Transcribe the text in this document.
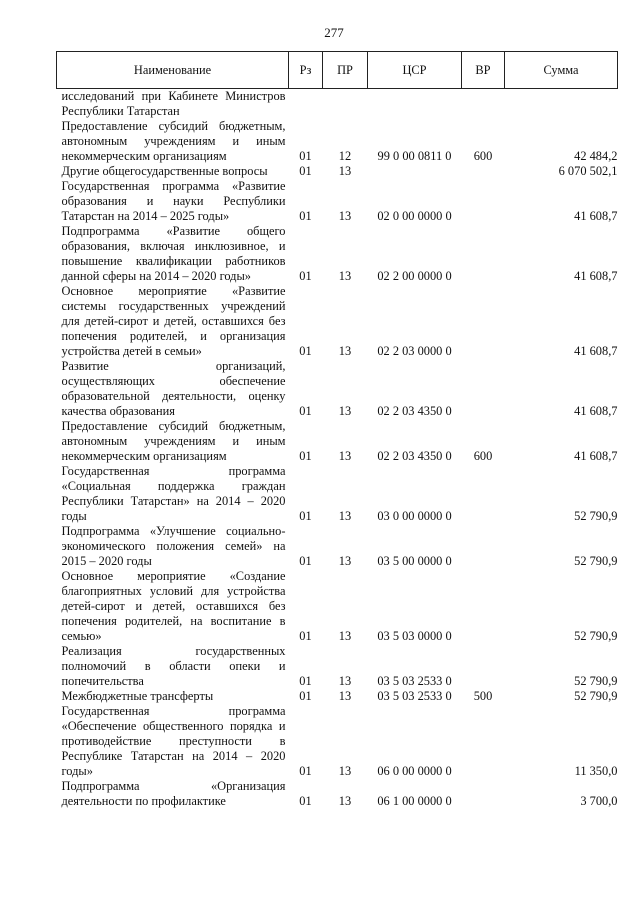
277
Наименование	Рз	ПР	ЦСР	ВР	Сумма

исследований при Кабинете Министров
Республики Татарстан					

Предоставление субсидий бюджетным,
автономным учреждениям и иным
некоммерческим организациям	01	12	99 0 00 0811 0	600	42 484,2

Другие общегосударственные вопросы	01	13			6 070 502,1

Государственная программа «Развитие
образования и науки Республики
Татарстан на 2014 – 2025 годы»	01	13	02 0 00 0000 0		41 608,7

Подпрограмма «Развитие общего
образования, включая инклюзивное, и
повышение квалификации работников
данной сферы на 2014 – 2020 годы»	01	13	02 2 00 0000 0		41 608,7

Основное мероприятие «Развитие
системы государственных учреждений
для детей-сирот и детей, оставшихся без
попечения родителей, и организация
устройства детей в семьи»	01	13	02 2 03 0000 0		41 608,7

Развитие организаций,
осуществляющих обеспечение
образовательной деятельности, оценку
качества образования	01	13	02 2 03 4350 0		41 608,7

Предоставление субсидий бюджетным,
автономным учреждениям и иным
некоммерческим организациям	01	13	02 2 03 4350 0	600	41 608,7

Государственная программа
«Социальная поддержка граждан
Республики Татарстан» на 2014 – 2020
годы	01	13	03 0 00 0000 0		52 790,9

Подпрограмма «Улучшение социально-
экономического положения семей» на
2015 – 2020 годы	01	13	03 5 00 0000 0		52 790,9

Основное мероприятие «Создание
благоприятных условий для устройства
детей-сирот и детей, оставшихся без
попечения родителей, на воспитание в
семью»	01	13	03 5 03 0000 0		52 790,9

Реализация государственных
полномочий в области опеки и
попечительства	01	13	03 5 03 2533 0		52 790,9

Межбюджетные трансферты	01	13	03 5 03 2533 0	500	52 790,9

Государственная программа
«Обеспечение общественного порядка и
противодействие преступности в
Республике Татарстан на 2014 – 2020
годы»	01	13	06 0 00 0000 0		11 350,0

Подпрограмма «Организация
деятельности по профилактике	01	13	06 1 00 0000 0		3 700,0
